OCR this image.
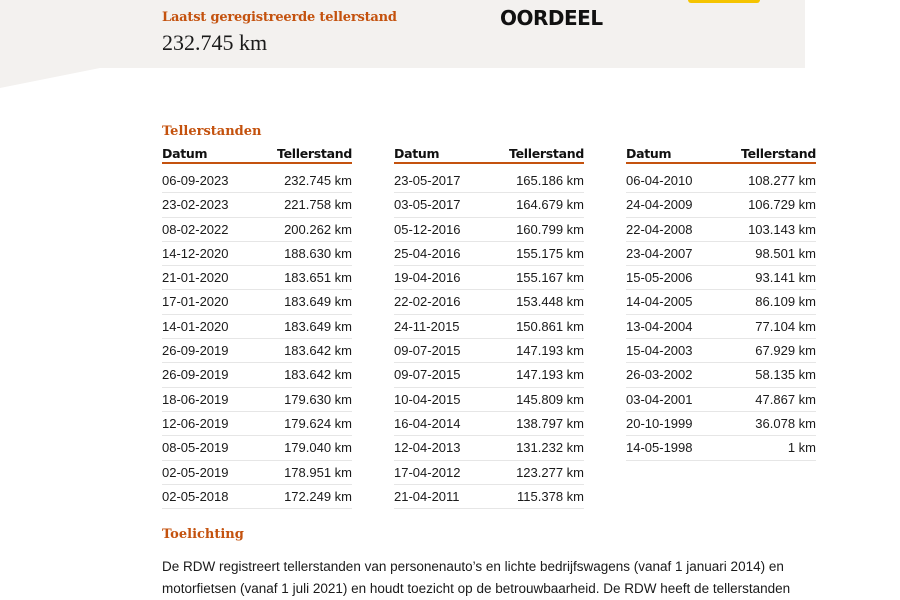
Laatst geregistreerde tellerstand
232.745 km
OORDEEL
Tellerstanden
Datum	Tellerstand
06-09-2023	232.745 km
23-02-2023	221.758 km
08-02-2022	200.262 km
14-12-2020	188.630 km
21-01-2020	183.651 km
17-01-2020	183.649 km
14-01-2020	183.649 km
26-09-2019	183.642 km
26-09-2019	183.642 km
18-06-2019	179.630 km
12-06-2019	179.624 km
08-05-2019	179.040 km
02-05-2019	178.951 km
02-05-2018	172.249 km
Datum	Tellerstand
23-05-2017	165.186 km
03-05-2017	164.679 km
05-12-2016	160.799 km
25-04-2016	155.175 km
19-04-2016	155.167 km
22-02-2016	153.448 km
24-11-2015	150.861 km
09-07-2015	147.193 km
09-07-2015	147.193 km
10-04-2015	145.809 km
16-04-2014	138.797 km
12-04-2013	131.232 km
17-04-2012	123.277 km
21-04-2011	115.378 km
Datum	Tellerstand
06-04-2010	108.277 km
24-04-2009	106.729 km
22-04-2008	103.143 km
23-04-2007	98.501 km
15-05-2006	93.141 km
14-04-2005	86.109 km
13-04-2004	77.104 km
15-04-2003	67.929 km
26-03-2002	58.135 km
03-04-2001	47.867 km
20-10-1999	36.078 km
14-05-1998	1 km
Toelichting
De RDW registreert tellerstanden van personenauto’s en lichte bedrijfswagens (vanaf 1 januari 2014) en
motorfietsen (vanaf 1 juli 2021) en houdt toezicht op de betrouwbaarheid. De RDW heeft de tellerstanden
